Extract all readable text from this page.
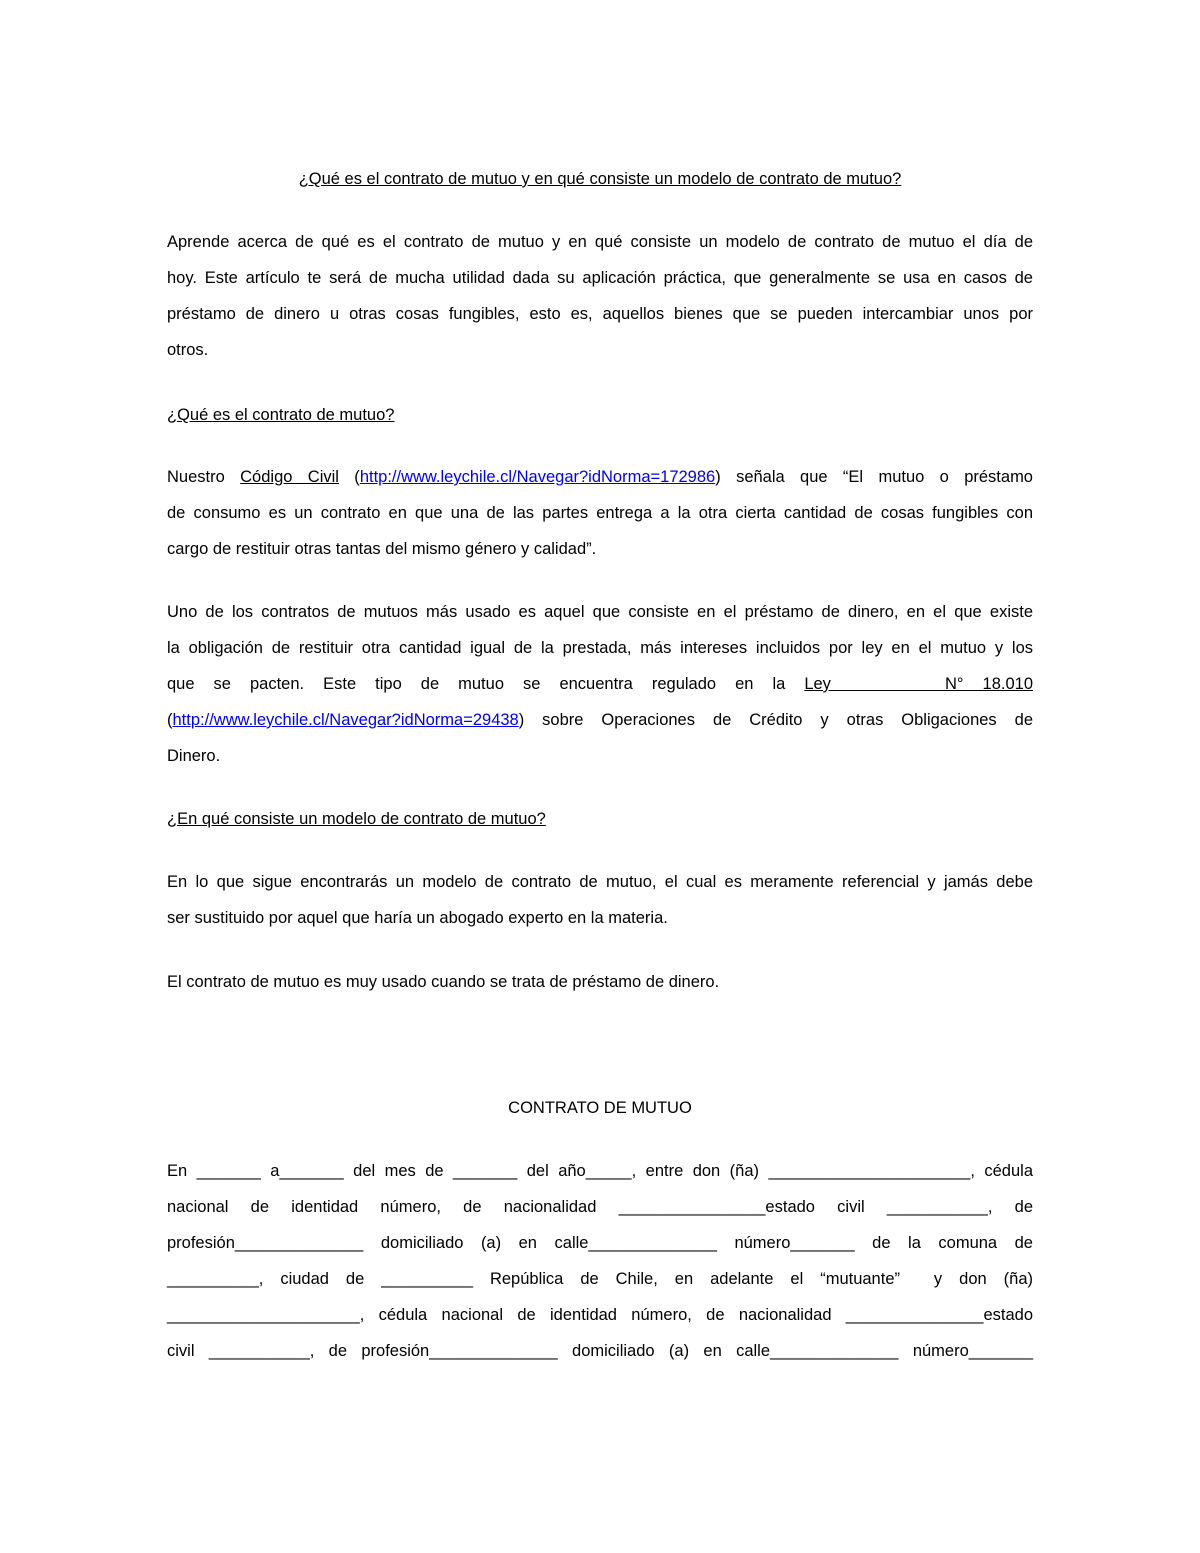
¿Qué es el contrato de mutuo y en qué consiste un modelo de contrato de mutuo?
Aprende acerca de qué es el contrato de mutuo y en qué consiste un modelo de contrato de mutuo el día de
hoy. Este artículo te será de mucha utilidad dada su aplicación práctica, que generalmente se usa en casos de
préstamo de dinero u otras cosas fungibles, esto es, aquellos bienes que se pueden intercambiar unos por
otros.
¿Qué es el contrato de mutuo?
Nuestro Código Civil (http://www.leychile.cl/Navegar?idNorma=172986) señala que “El mutuo o préstamo
de consumo es un contrato en que una de las partes entrega a la otra cierta cantidad de cosas fungibles con
cargo de restituir otras tantas del mismo género y calidad”.
Uno de los contratos de mutuos más usado es aquel que consiste en el préstamo de dinero, en el que existe
la obligación de restituir otra cantidad igual de la prestada, más intereses incluidos por ley en el mutuo y los
que se pacten. Este tipo de mutuo se encuentra regulado en la Ley      N° 18.010
(http://www.leychile.cl/Navegar?idNorma=29438) sobre Operaciones de Crédito y otras Obligaciones de
Dinero.
¿En qué consiste un modelo de contrato de mutuo?
En lo que sigue encontrarás un modelo de contrato de mutuo, el cual es meramente referencial y jamás debe
ser sustituido por aquel que haría un abogado experto en la materia.
El contrato de mutuo es muy usado cuando se trata de préstamo de dinero.
CONTRATO DE MUTUO
En _______ a_______ del mes de _______ del año_____, entre don (ña) ______________________, cédula
nacional de identidad número, de nacionalidad ________________estado civil ___________, de
profesión______________ domiciliado (a) en calle______________ número_______ de la comuna de
__________, ciudad de __________ República de Chile, en adelante el “mutuante”  y don (ña)
_____________________, cédula nacional de identidad número, de nacionalidad _______________estado
civil ___________, de profesión______________ domiciliado (a) en calle______________ número_______
